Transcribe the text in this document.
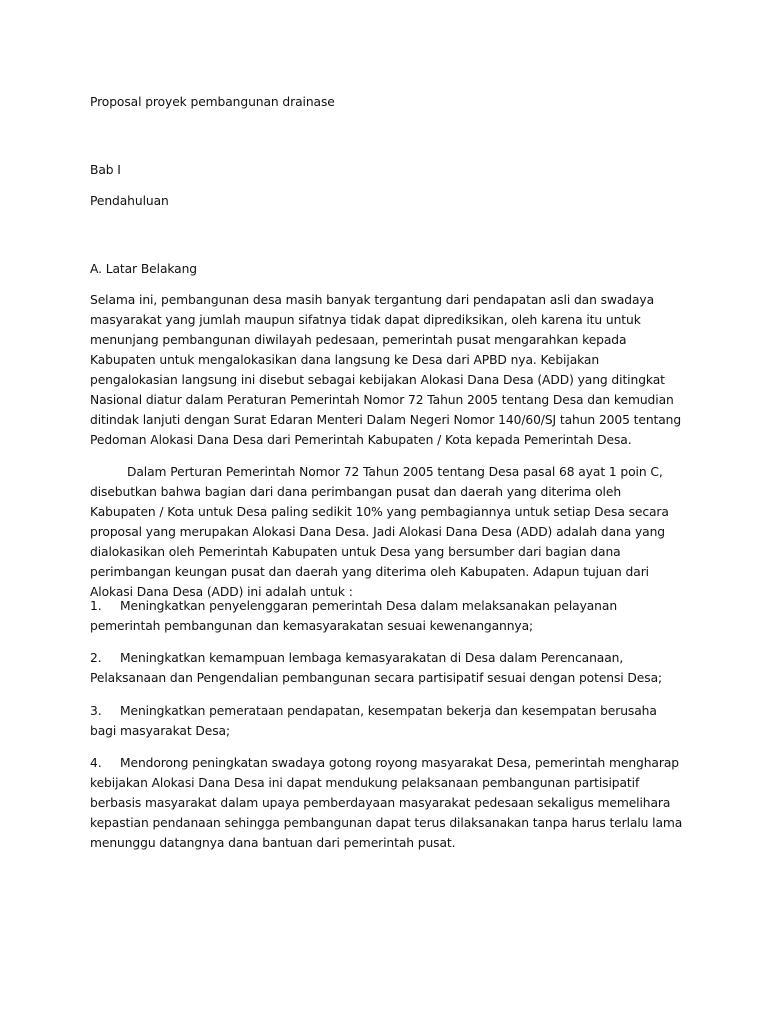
Proposal proyek pembangunan drainase

Bab I

Pendahuluan

A. Latar Belakang

Selama ini, pembangunan desa masih banyak tergantung dari pendapatan asli dan swadaya masyarakat yang jumlah maupun sifatnya tidak dapat diprediksikan, oleh karena itu untuk menunjang pembangunan diwilayah pedesaan, pemerintah pusat mengarahkan kepada Kabupaten untuk mengalokasikan dana langsung ke Desa dari APBD nya. Kebijakan pengalokasian langsung ini disebut sebagai kebijakan Alokasi Dana Desa (ADD) yang ditingkat Nasional diatur dalam Peraturan Pemerintah Nomor 72 Tahun 2005 tentang Desa dan kemudian ditindak lanjuti dengan Surat Edaran Menteri Dalam Negeri Nomor 140/60/SJ tahun 2005 tentang Pedoman Alokasi Dana Desa dari Pemerintah Kabupaten / Kota kepada Pemerintah Desa.

Dalam Perturan Pemerintah Nomor 72 Tahun 2005 tentang Desa pasal 68 ayat 1 poin C, disebutkan bahwa bagian dari dana perimbangan pusat dan daerah yang diterima oleh Kabupaten / Kota untuk Desa paling sedikit 10% yang pembagiannya untuk setiap Desa secara proposal yang merupakan Alokasi Dana Desa. Jadi Alokasi Dana Desa (ADD) adalah dana yang dialokasikan oleh Pemerintah Kabupaten untuk Desa yang bersumber dari bagian dana perimbangan keungan pusat dan daerah yang diterima oleh Kabupaten. Adapun tujuan dari Alokasi Dana Desa (ADD) ini adalah untuk :

1. Meningkatkan penyelenggaran pemerintah Desa dalam melaksanakan pelayanan pemerintah pembangunan dan kemasyarakatan sesuai kewenangannya;

2. Meningkatkan kemampuan lembaga kemasyarakatan di Desa dalam Perencanaan, Pelaksanaan dan Pengendalian pembangunan secara partisipatif sesuai dengan potensi Desa;

3. Meningkatkan pemerataan pendapatan, kesempatan bekerja dan kesempatan berusaha bagi masyarakat Desa;

4. Mendorong peningkatan swadaya gotong royong masyarakat Desa, pemerintah mengharap kebijakan Alokasi Dana Desa ini dapat mendukung pelaksanaan pembangunan partisipatif berbasis masyarakat dalam upaya pemberdayaan masyarakat pedesaan sekaligus memelihara kepastian pendanaan sehingga pembangunan dapat terus dilaksanakan tanpa harus terlalu lama menunggu datangnya dana bantuan dari pemerintah pusat.
